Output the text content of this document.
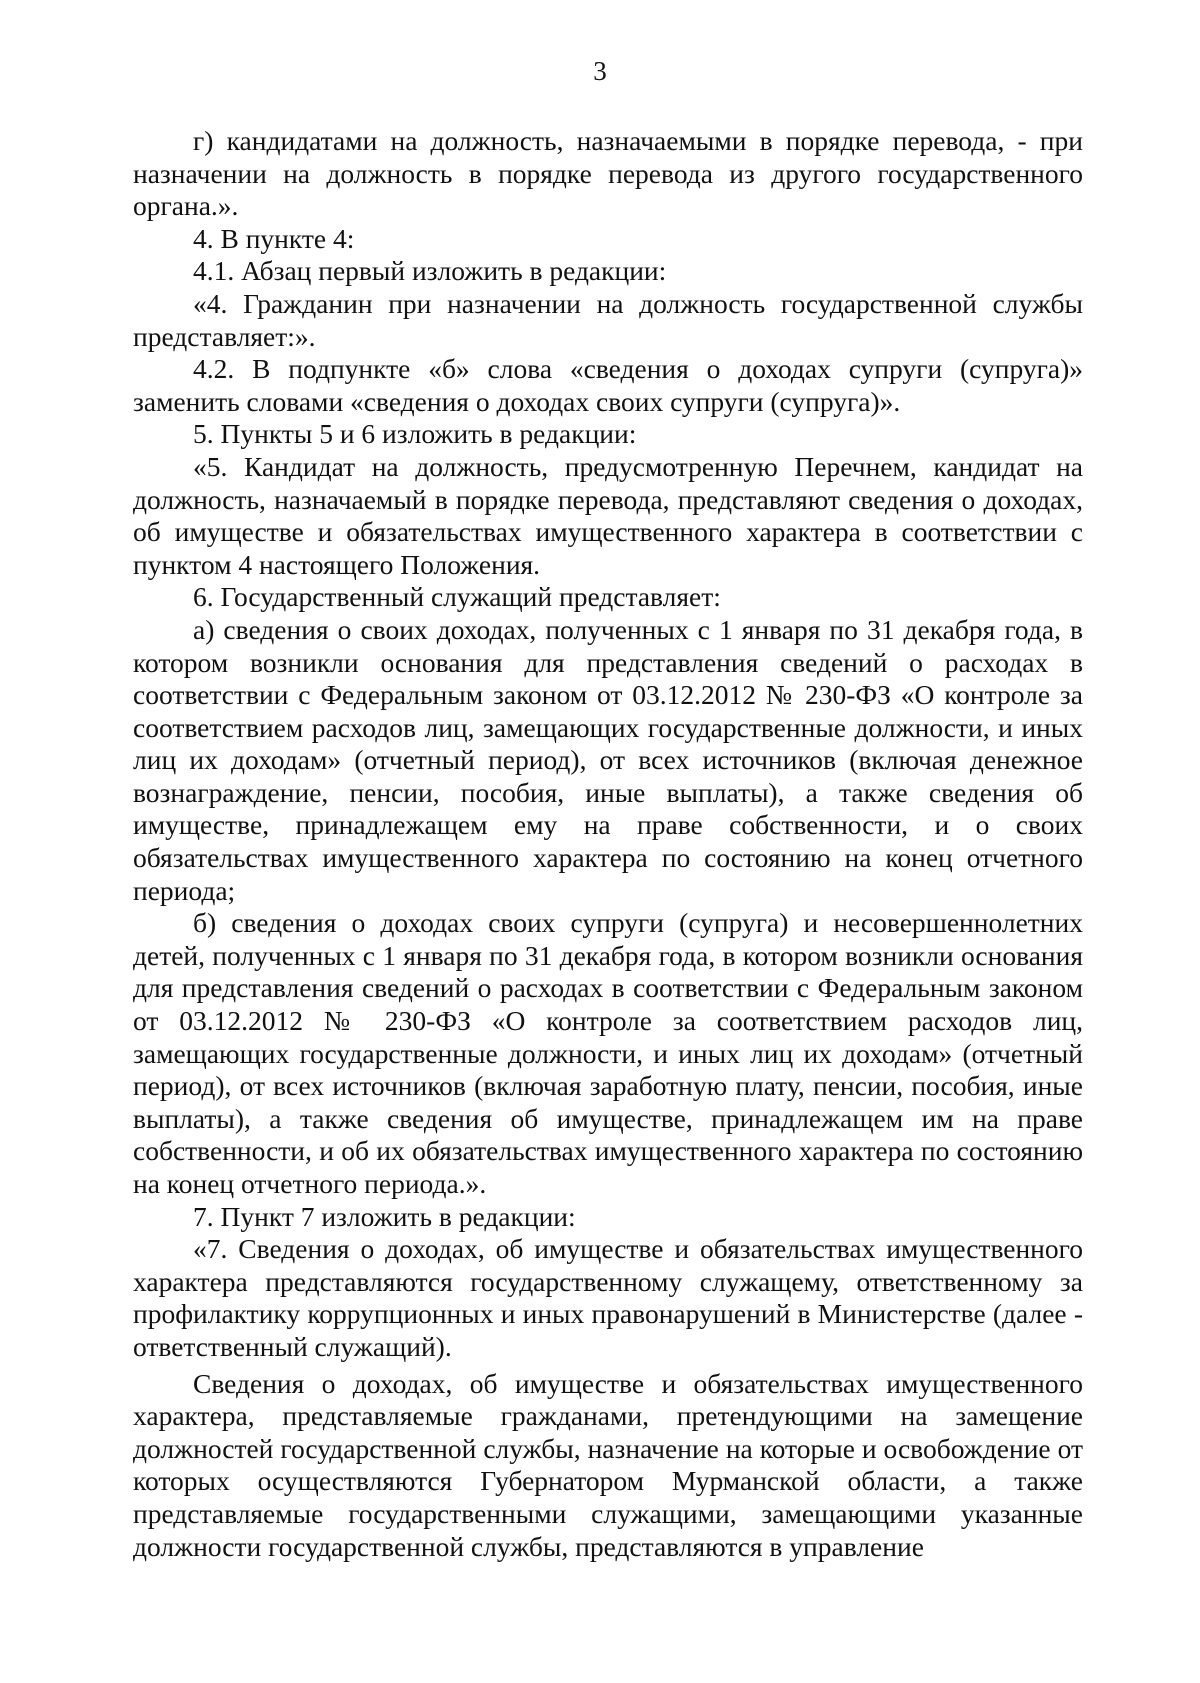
3

г) кандидатами на должность, назначаемыми в порядке перевода, - при назначении на должность в порядке перевода из другого государственного органа.».

4. В пункте 4:

4.1. Абзац первый изложить в редакции:

«4. Гражданин при назначении на должность государственной службы представляет:».

4.2. В подпункте «б» слова «сведения о доходах супруги (супруга)» заменить словами «сведения о доходах своих супруги (супруга)».

5. Пункты 5 и 6 изложить в редакции:

«5. Кандидат на должность, предусмотренную Перечнем, кандидат на должность, назначаемый в порядке перевода, представляют сведения о доходах, об имуществе и обязательствах имущественного характера в соответствии с пунктом 4 настоящего Положения.

6. Государственный служащий представляет:

а) сведения о своих доходах, полученных с 1 января по 31 декабря года, в котором возникли основания для представления сведений о расходах в соответствии с Федеральным законом от 03.12.2012 № 230-ФЗ «О контроле за соответствием расходов лиц, замещающих государственные должности, и иных лиц их доходам» (отчетный период), от всех источников (включая денежное вознаграждение, пенсии, пособия, иные выплаты), а также сведения об имуществе, принадлежащем ему на праве собственности, и о своих обязательствах имущественного характера по состоянию на конец отчетного периода;

б) сведения о доходах своих супруги (супруга) и несовершеннолетних детей, полученных с 1 января по 31 декабря года, в котором возникли основания для представления сведений о расходах в соответствии с Федеральным законом от 03.12.2012 № 230-ФЗ «О контроле за соответствием расходов лиц, замещающих государственные должности, и иных лиц их доходам» (отчетный период), от всех источников (включая заработную плату, пенсии, пособия, иные выплаты), а также сведения об имуществе, принадлежащем им на праве собственности, и об их обязательствах имущественного характера по состоянию на конец отчетного периода.».

7. Пункт 7 изложить в редакции:

«7. Сведения о доходах, об имуществе и обязательствах имущественного характера представляются государственному служащему, ответственному за профилактику коррупционных и иных правонарушений в Министерстве (далее - ответственный служащий).

Сведения о доходах, об имуществе и обязательствах имущественного характера, представляемые гражданами, претендующими на замещение должностей государственной службы, назначение на которые и освобождение от которых осуществляются Губернатором Мурманской области, а также представляемые государственными служащими, замещающими указанные должности государственной службы, представляются в управление
